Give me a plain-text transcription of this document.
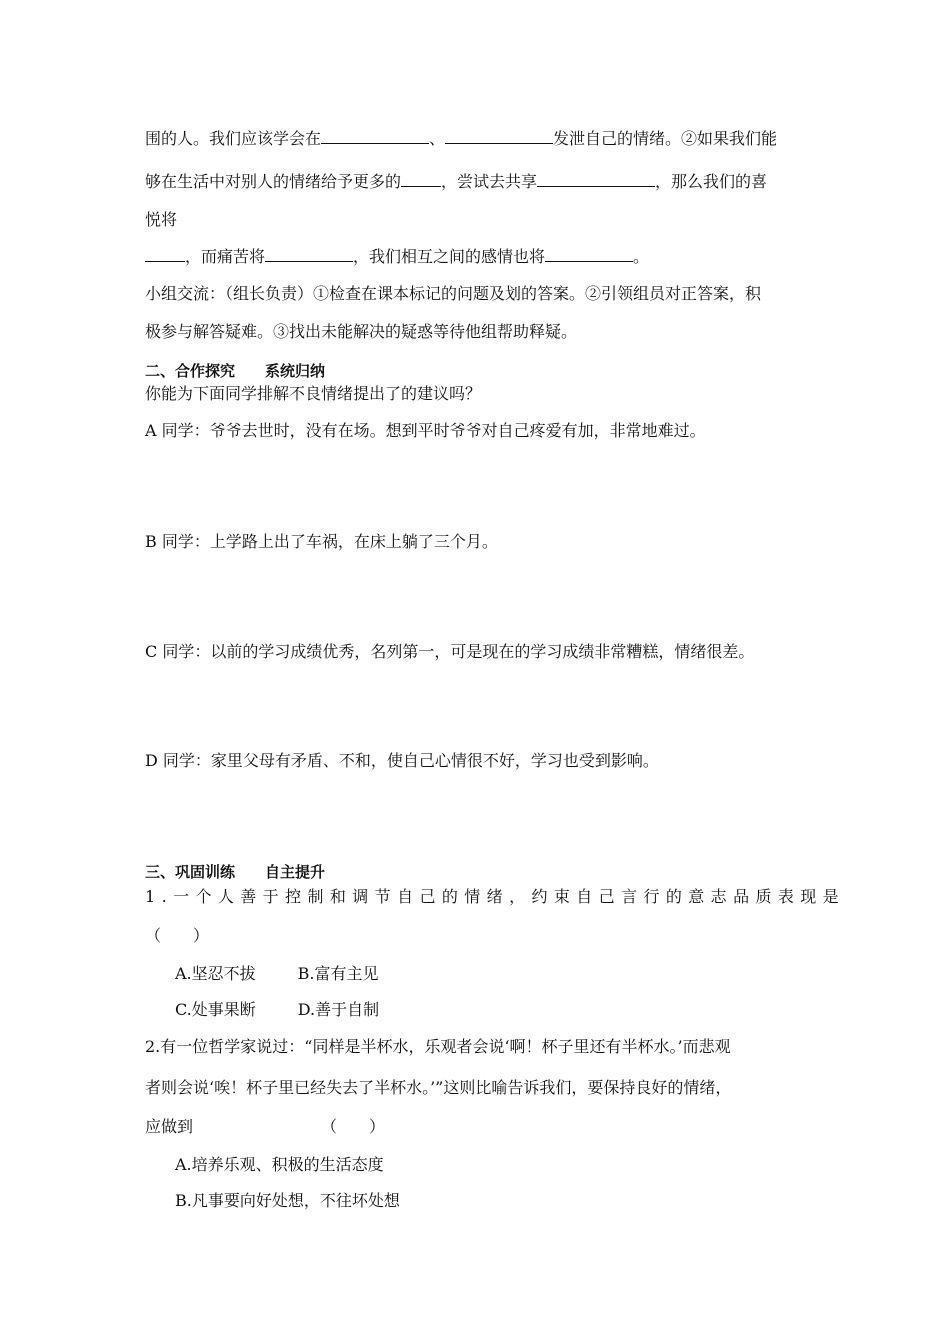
围的人。我们应该学会在	、	发泄自己的情绪。②如果我们能
够在生活中对别人的情绪给予更多的	，尝试去共享	，那么我们的喜
悦将
，而痛苦将	，我们相互之间的感情也将	。
小组交流：（组长负责）①检查在课本标记的问题及划的答案。②引领组员对正答案，积
极参与解答疑难。③找出未能解决的疑惑等待他组帮助释疑。
二、合作探究 系统归纳
你能为下面同学排解不良情绪提出了的建议吗？
A 同学：爷爷去世时，没有在场。想到平时爷爷对自己疼爱有加，非常地难过。
B 同学：上学路上出了车祸，在床上躺了三个月。
C 同学：以前的学习成绩优秀，名列第一，可是现在的学习成绩非常糟糕，情绪很差。
D 同学：家里父母有矛盾、不和，使自己心情很不好，学习也受到影响。
三、巩固训练 自主提升
1.一个人善于控制和调节自己的情绪，约束自己言行的意志品质表现是
（　　）
A.坚忍不拔	B.富有主见
C.处事果断	D.善于自制
2.有一位哲学家说过：“同样是半杯水，乐观者会说‘啊！杯子里还有半杯水。’而悲观
者则会说‘唉！杯子里已经失去了半杯水。’”这则比喻告诉我们，要保持良好的情绪，
应做到	（　　）
A.培养乐观、积极的生活态度
B.凡事要向好处想，不往坏处想
